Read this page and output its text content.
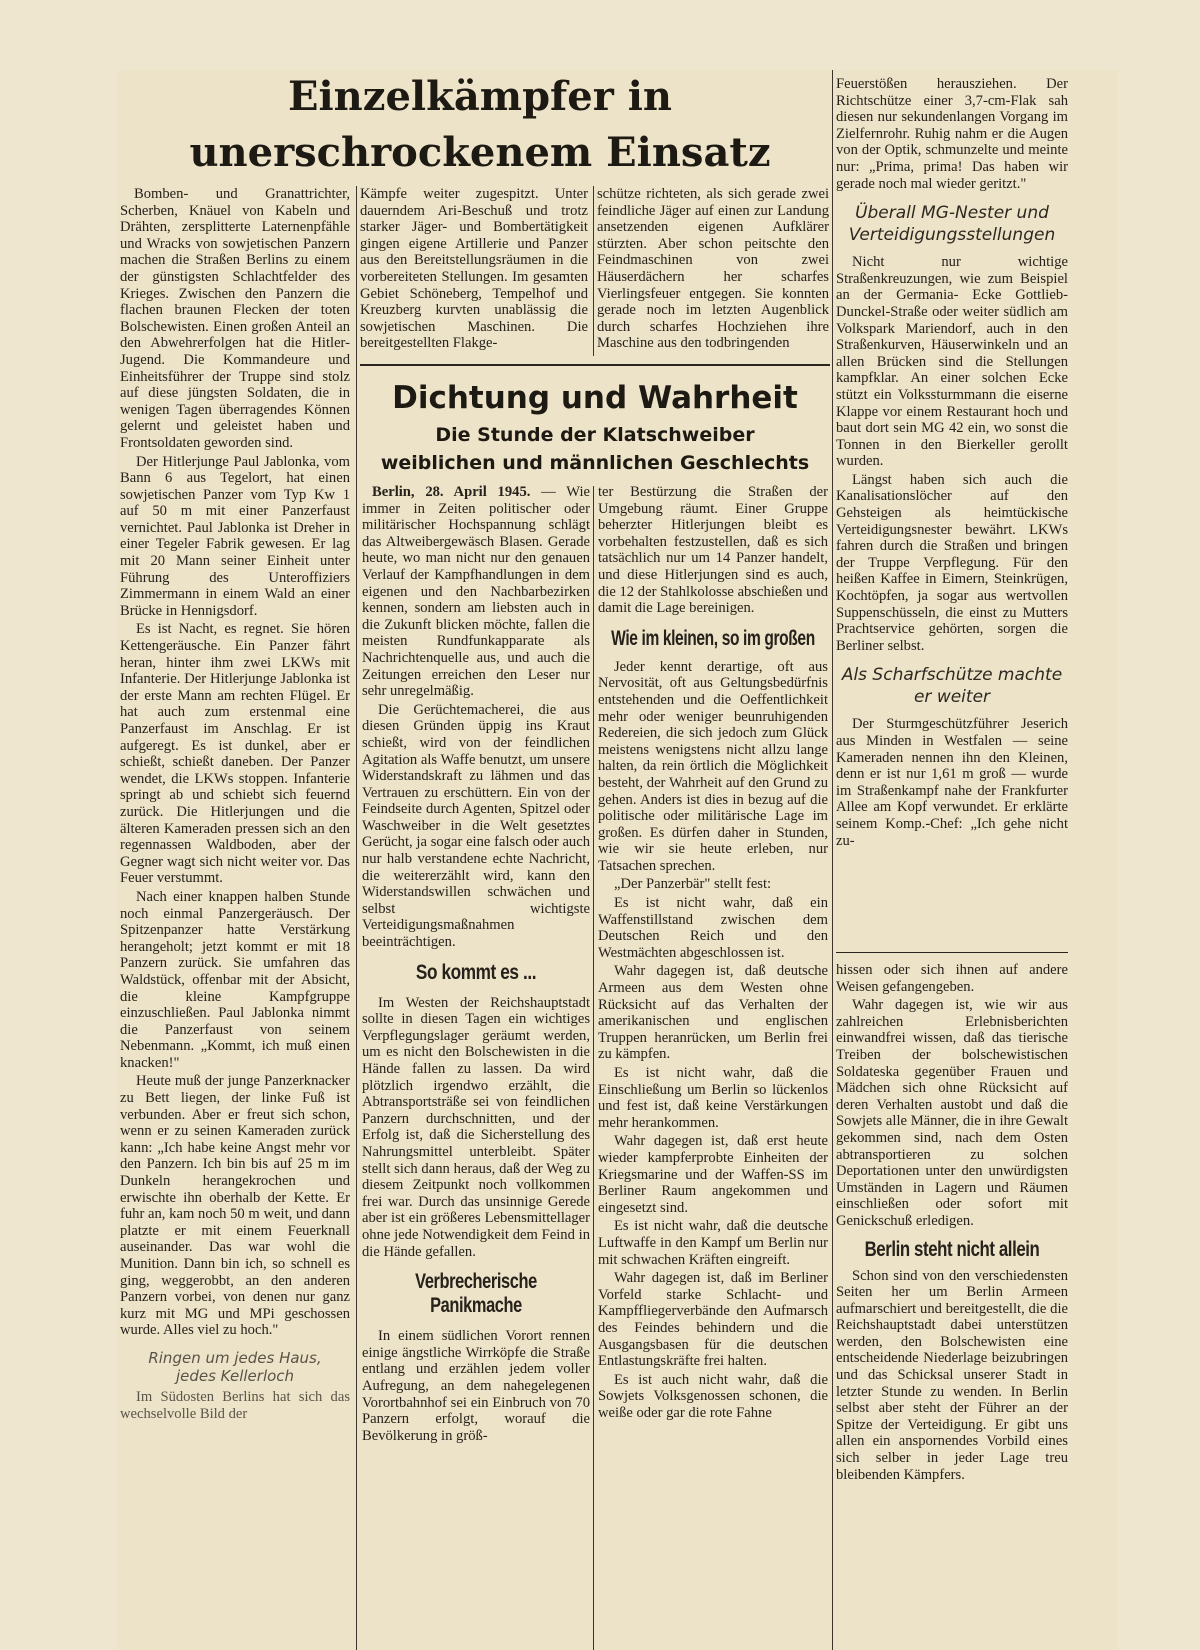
Einzelkämpfer in
unerschrockenem Einsatz

Bomben- und Granattrichter, Scherben, Knäuel von Kabeln und Drähten, zersplitterte Laternenpfähle und Wracks von sowjetischen Panzern machen die Straßen Berlins zu einem der günstigsten Schlachtfelder des Krieges. Zwischen den Panzern die flachen braunen Flecken der toten Bolschewisten. Einen großen Anteil an den Abwehrerfolgen hat die Hitler-Jugend. Die Kommandeure und Einheitsführer der Truppe sind stolz auf diese jüngsten Soldaten, die in wenigen Tagen überragendes Können gelernt und geleistet haben und Frontsoldaten geworden sind.

Der Hitlerjunge Paul Jablonka, vom Bann 6 aus Tegelort, hat einen sowjetischen Panzer vom Typ Kw 1 auf 50 m mit einer Panzerfaust vernichtet. Paul Jablonka ist Dreher in einer Tegeler Fabrik gewesen. Er lag mit 20 Mann seiner Einheit unter Führung des Unteroffiziers Zimmermann in einem Wald an einer Brücke in Hennigsdorf.

Es ist Nacht, es regnet. Sie hören Kettengeräusche. Ein Panzer fährt heran, hinter ihm zwei LKWs mit Infanterie. Der Hitlerjunge Jablonka ist der erste Mann am rechten Flügel. Er hat auch zum erstenmal eine Panzerfaust im Anschlag. Er ist aufgeregt. Es ist dunkel, aber er schießt, schießt daneben. Der Panzer wendet, die LKWs stoppen. Infanterie springt ab und schiebt sich feuernd zurück. Die Hitlerjungen und die älteren Kameraden pressen sich an den regennassen Waldboden, aber der Gegner wagt sich nicht weiter vor. Das Feuer verstummt.

Nach einer knappen halben Stunde noch einmal Panzergeräusch. Der Spitzenpanzer hatte Verstärkung herangeholt; jetzt kommt er mit 18 Panzern zurück. Sie umfahren das Waldstück, offenbar mit der Absicht, die kleine Kampfgruppe einzuschließen. Paul Jablonka nimmt die Panzerfaust von seinem Nebenmann. „Kommt, ich muß einen knacken!"

Heute muß der junge Panzerknacker zu Bett liegen, der linke Fuß ist verbunden. Aber er freut sich schon, wenn er zu seinen Kameraden zurück kann: „Ich habe keine Angst mehr vor den Panzern. Ich bin bis auf 25 m im Dunkeln herangekrochen und erwischte ihn oberhalb der Kette. Er fuhr an, kam noch 50 m weit, und dann platzte er mit einem Feuerknall auseinander. Das war wohl die Munition. Dann bin ich, so schnell es ging, weggerobbt, an den anderen Panzern vorbei, von denen nur ganz kurz mit MG und MPi geschossen wurde. Alles viel zu hoch."

Ringen um jedes Haus, jedes Kellerloch

Im Südosten Berlins hat sich das wechselvolle Bild der

Kämpfe weiter zugespitzt. Unter dauerndem Ari-Beschuß und trotz starker Jäger- und Bombertätigkeit gingen eigene Artillerie und Panzer aus den Bereitstellungsräumen in die vorbereiteten Stellungen. Im gesamten Gebiet Schöneberg, Tempelhof und Kreuzberg kurvten unablässig die sowjetischen Maschinen. Die bereitgestellten Flakge-

schütze richteten, als sich gerade zwei feindliche Jäger auf einen zur Landung ansetzenden eigenen Aufklärer stürzten. Aber schon peitschte den Feindmaschinen von zwei Häuserdächern her scharfes Vierlingsfeuer entgegen. Sie konnten gerade noch im letzten Augenblick durch scharfes Hochziehen ihre Maschine aus den todbringenden

Dichtung und Wahrheit
Die Stunde der Klatschweiber
weiblichen und männlichen Geschlechts

Berlin, 28. April 1945. — Wie immer in Zeiten politischer oder militärischer Hochspannung schlägt das Altweibergewäsch Blasen. Gerade heute, wo man nicht nur den genauen Verlauf der Kampfhandlungen in dem eigenen und den Nachbarbezirken kennen, sondern am liebsten auch in die Zukunft blicken möchte, fallen die meisten Rundfunkapparate als Nachrichtenquelle aus, und auch die Zeitungen erreichen den Leser nur sehr unregelmäßig.

Die Gerüchtemacherei, die aus diesen Gründen üppig ins Kraut schießt, wird von der feindlichen Agitation als Waffe benutzt, um unsere Widerstandskraft zu lähmen und das Vertrauen zu erschüttern. Ein von der Feindseite durch Agenten, Spitzel oder Waschweiber in die Welt gesetztes Gerücht, ja sogar eine falsch oder auch nur halb verstandene echte Nachricht, die weitererzählt wird, kann den Widerstandswillen schwächen und selbst wichtigste Verteidigungsmaßnahmen beeinträchtigen.

So kommt es ...

Im Westen der Reichshauptstadt sollte in diesen Tagen ein wichtiges Verpflegungslager geräumt werden, um es nicht den Bolschewisten in die Hände fallen zu lassen. Da wird plötzlich irgendwo erzählt, die Abtransportsträße sei von feindlichen Panzern durchschnitten, und der Erfolg ist, daß die Sicherstellung des Nahrungsmittel unterbleibt. Später stellt sich dann heraus, daß der Weg zu diesem Zeitpunkt noch vollkommen frei war. Durch das unsinnige Gerede aber ist ein größeres Lebensmittellager ohne jede Notwendigkeit dem Feind in die Hände gefallen.

Verbrecherische Panikmache

In einem südlichen Vorort rennen einige ängstliche Wirrköpfe die Straße entlang und erzählen jedem voller Aufregung, an dem nahegelegenen Vorortbahnhof sei ein Einbruch von 70 Panzern erfolgt, worauf die Bevölkerung in größ-

ter Bestürzung die Straßen der Umgebung räumt. Einer Gruppe beherzter Hitlerjungen bleibt es vorbehalten festzustellen, daß es sich tatsächlich nur um 14 Panzer handelt, und diese Hitlerjungen sind es auch, die 12 der Stahlkolosse abschießen und damit die Lage bereinigen.

Wie im kleinen, so im großen

Jeder kennt derartige, oft aus Nervosität, oft aus Geltungsbedürfnis entstehenden und die Oeffentlichkeit mehr oder weniger beunruhigenden Redereien, die sich jedoch zum Glück meistens wenigstens nicht allzu lange halten, da rein örtlich die Möglichkeit besteht, der Wahrheit auf den Grund zu gehen. Anders ist dies in bezug auf die politische oder militärische Lage im großen. Es dürfen daher in Stunden, wie wir sie heute erleben, nur Tatsachen sprechen.

„Der Panzerbär" stellt fest:

Es ist nicht wahr, daß ein Waffenstillstand zwischen dem Deutschen Reich und den Westmächten abgeschlossen ist.

Wahr dagegen ist, daß deutsche Armeen aus dem Westen ohne Rücksicht auf das Verhalten der amerikanischen und englischen Truppen heranrücken, um Berlin frei zu kämpfen.

Es ist nicht wahr, daß die Einschließung um Berlin so lückenlos und fest ist, daß keine Verstärkungen mehr herankommen.

Wahr dagegen ist, daß erst heute wieder kampferprobte Einheiten der Kriegsmarine und der Waffen-SS im Berliner Raum angekommen und eingesetzt sind.

Es ist nicht wahr, daß die deutsche Luftwaffe in den Kampf um Berlin nur mit schwachen Kräften eingreift.

Wahr dagegen ist, daß im Berliner Vorfeld starke Schlacht- und Kampffliegerverbände den Aufmarsch des Feindes behindern und die Ausgangsbasen für die deutschen Entlastungskräfte frei halten.

Es ist auch nicht wahr, daß die Sowjets Volksgenossen schonen, die weiße oder gar die rote Fahne

Feuerstößen herausziehen. Der Richtschütze einer 3,7-cm-Flak sah diesen nur sekundenlangen Vorgang im Zielfernrohr. Ruhig nahm er die Augen von der Optik, schmunzelte und meinte nur: „Prima, prima! Das haben wir gerade noch mal wieder geritzt."

Überall MG-Nester und Verteidigungsstellungen

Nicht nur wichtige Straßenkreuzungen, wie zum Beispiel an der Germania- Ecke Gottlieb-Dunckel-Straße oder weiter südlich am Volkspark Mariendorf, auch in den Straßenkurven, Häuserwinkeln und an allen Brücken sind die Stellungen kampfklar. An einer solchen Ecke stützt ein Volkssturmmann die eiserne Klappe vor einem Restaurant hoch und baut dort sein MG 42 ein, wo sonst die Tonnen in den Bierkeller gerollt wurden.

Längst haben sich auch die Kanalisationslöcher auf den Gehsteigen als heimtückische Verteidigungsnester bewährt. LKWs fahren durch die Straßen und bringen der Truppe Verpflegung. Für den heißen Kaffee in Eimern, Steinkrügen, Kochtöpfen, ja sogar aus wertvollen Suppenschüsseln, die einst zu Mutters Prachtservice gehörten, sorgen die Berliner selbst.

Als Scharfschütze machte er weiter

Der Sturmgeschützführer Jeserich aus Minden in Westfalen — seine Kameraden nennen ihn den Kleinen, denn er ist nur 1,61 m groß — wurde im Straßenkampf nahe der Frankfurter Allee am Kopf verwundet. Er erklärte seinem Komp.-Chef: „Ich gehe nicht zu-

hissen oder sich ihnen auf andere Weisen gefangengeben.

Wahr dagegen ist, wie wir aus zahlreichen Erlebnisberichten einwandfrei wissen, daß das tierische Treiben der bolschewistischen Soldateska gegenüber Frauen und Mädchen sich ohne Rücksicht auf deren Verhalten austobt und daß die Sowjets alle Männer, die in ihre Gewalt gekommen sind, nach dem Osten abtransportieren zu solchen Deportationen unter den unwürdigsten Umständen in Lagern und Räumen einschließen oder sofort mit Genickschuß erledigen.

Berlin steht nicht allein

Schon sind von den verschiedensten Seiten her um Berlin Armeen aufmarschiert und bereitgestellt, die die Reichshauptstadt dabei unterstützen werden, den Bolschewisten eine entscheidende Niederlage beizubringen und das Schicksal unserer Stadt in letzter Stunde zu wenden. In Berlin selbst aber steht der Führer an der Spitze der Verteidigung. Er gibt uns allen ein anspornendes Vorbild eines sich selber in jeder Lage treu bleibenden Kämpfers.
